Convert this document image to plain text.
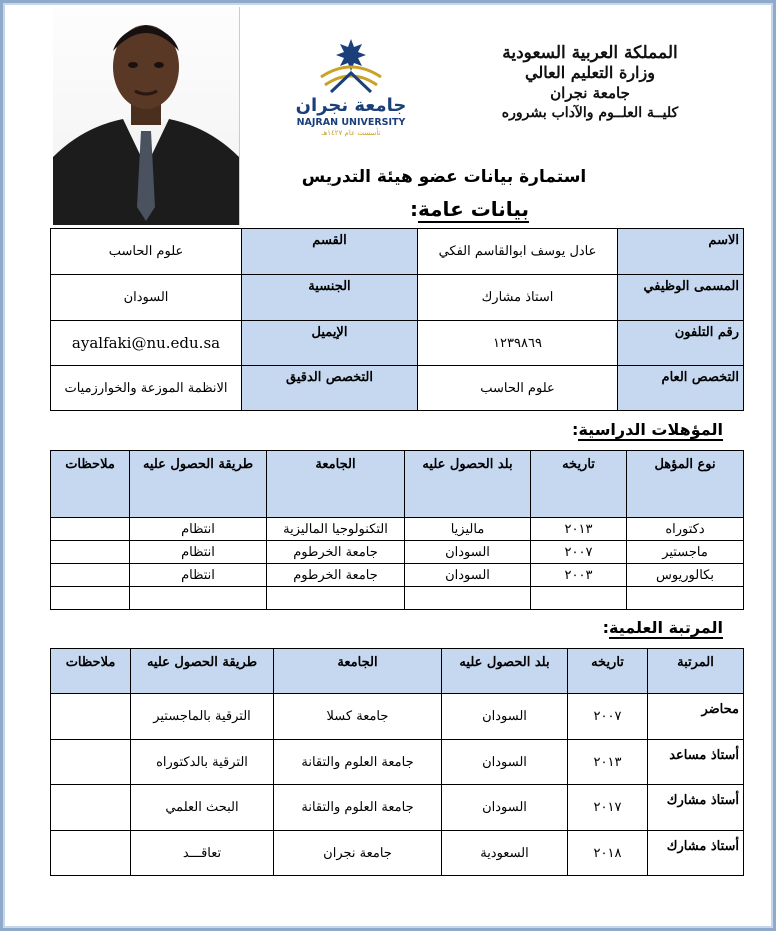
جامعة نجران
NAJRAN UNIVERSITY
تأسست عام ١٤٢٧هـ
المملكة العربية السعودية
وزارة التعليم العالي
جامعة نجران
كليــة العلــوم والآداب بشروره
استمارة بيانات عضو هيئة التدريس
بيانات عامة:
الاسم	عادل يوسف ابوالقاسم الفكي	القسم	علوم الحاسب
المسمى الوظيفي	استاذ مشارك	الجنسية	السودان
رقم التلفون	١٢٣٩٨٦٩	الإيميل	ayalfaki@nu.edu.sa
التخصص العام	علوم الحاسب	التخصص الدقيق	الانظمة الموزعة والخوارزميات
المؤهلات الدراسية:
نوع المؤهل	تاريخه	بلد الحصول عليه	الجامعة	طريقة الحصول عليه	ملاحظات
دكتوراه	٢٠١٣	ماليزيا	التكنولوجيا الماليزية	انتظام	
ماجستير	٢٠٠٧	السودان	جامعة الخرطوم	انتظام	
بكالوريوس	٢٠٠٣	السودان	جامعة الخرطوم	انتظام	

المرتبة العلمية:
المرتبة	تاريخه	بلد الحصول عليه	الجامعة	طريقة الحصول عليه	ملاحظات
محاضر	٢٠٠٧	السودان	جامعة كسلا	الترقية بالماجستير	
أستاذ مساعد	٢٠١٣	السودان	جامعة العلوم والتقانة	الترقية بالدكتوراه	
أستاذ مشارك	٢٠١٧	السودان	جامعة العلوم والتقانة	البحث العلمي	
أستاذ مشارك	٢٠١٨	السعودية	جامعة نجران	تعاقـــد	
